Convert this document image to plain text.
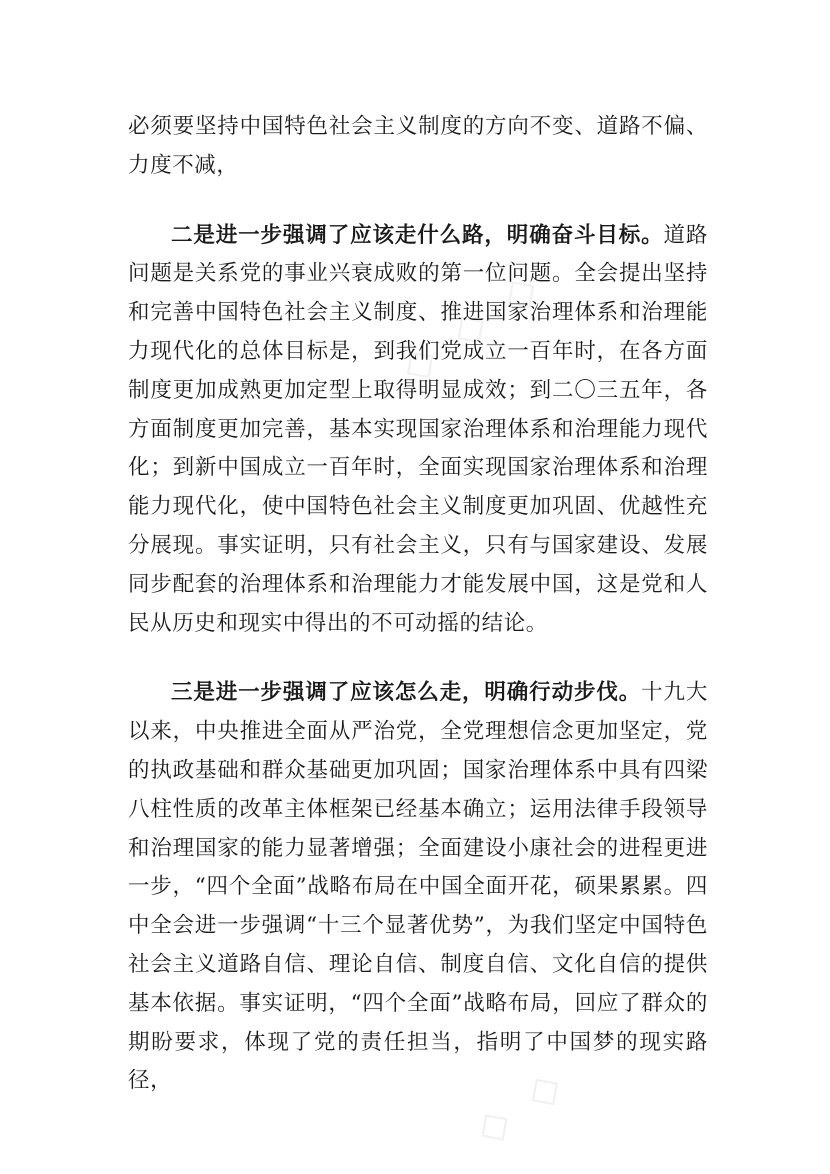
◇ ◇ ◇
◇ ◇

必须要坚持中国特色社会主义制度的方向不变、道路不偏、力度不减，

二是进一步强调了应该走什么路，明确奋斗目标。道路问题是关系党的事业兴衰成败的第一位问题。全会提出坚持和完善中国特色社会主义制度、推进国家治理体系和治理能力现代化的总体目标是，到我们党成立一百年时，在各方面制度更加成熟更加定型上取得明显成效；到二〇三五年，各方面制度更加完善，基本实现国家治理体系和治理能力现代化；到新中国成立一百年时，全面实现国家治理体系和治理能力现代化，使中国特色社会主义制度更加巩固、优越性充分展现。事实证明，只有社会主义，只有与国家建设、发展同步配套的治理体系和治理能力才能发展中国，这是党和人民从历史和现实中得出的不可动摇的结论。

三是进一步强调了应该怎么走，明确行动步伐。十九大以来，中央推进全面从严治党，全党理想信念更加坚定，党的执政基础和群众基础更加巩固；国家治理体系中具有四梁八柱性质的改革主体框架已经基本确立；运用法律手段领导和治理国家的能力显著增强；全面建设小康社会的进程更进一步，“四个全面”战略布局在中国全面开花，硕果累累。四中全会进一步强调“十三个显著优势”，为我们坚定中国特色社会主义道路自信、理论自信、制度自信、文化自信的提供基本依据。事实证明，“四个全面”战略布局，回应了群众的期盼要求，体现了党的责任担当，指明了中国梦的现实路径，
